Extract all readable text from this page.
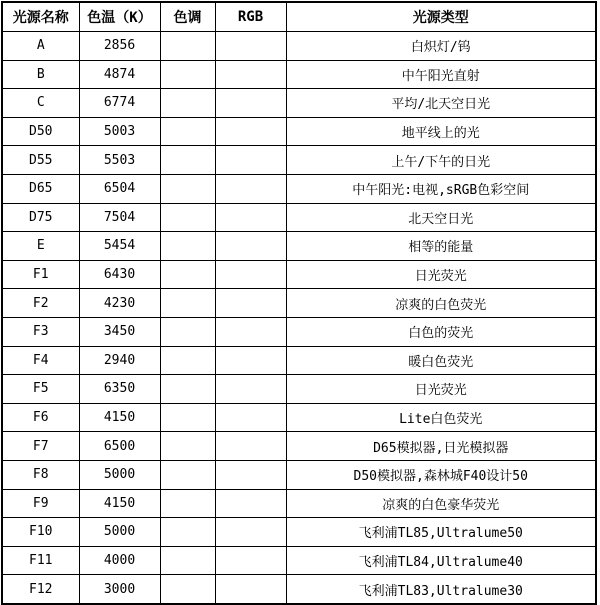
光源名称	色温（K）	色调	RGB	光源类型
A	2856			白炽灯/钨
B	4874			中午阳光直射
C	6774			平均/北天空日光
D50	5003			地平线上的光
D55	5503			上午/下午的日光
D65	6504			中午阳光:电视,sRGB色彩空间
D75	7504			北天空日光
E	5454			相等的能量
F1	6430			日光荧光
F2	4230			凉爽的白色荧光
F3	3450			白色的荧光
F4	2940			暖白色荧光
F5	6350			日光荧光
F6	4150			Lite白色荧光
F7	6500			D65模拟器,日光模拟器
F8	5000			D50模拟器,森林城F40设计50
F9	4150			凉爽的白色豪华荧光
F10	5000			飞利浦TL85,Ultralume50
F11	4000			飞利浦TL84,Ultralume40
F12	3000			飞利浦TL83,Ultralume30
